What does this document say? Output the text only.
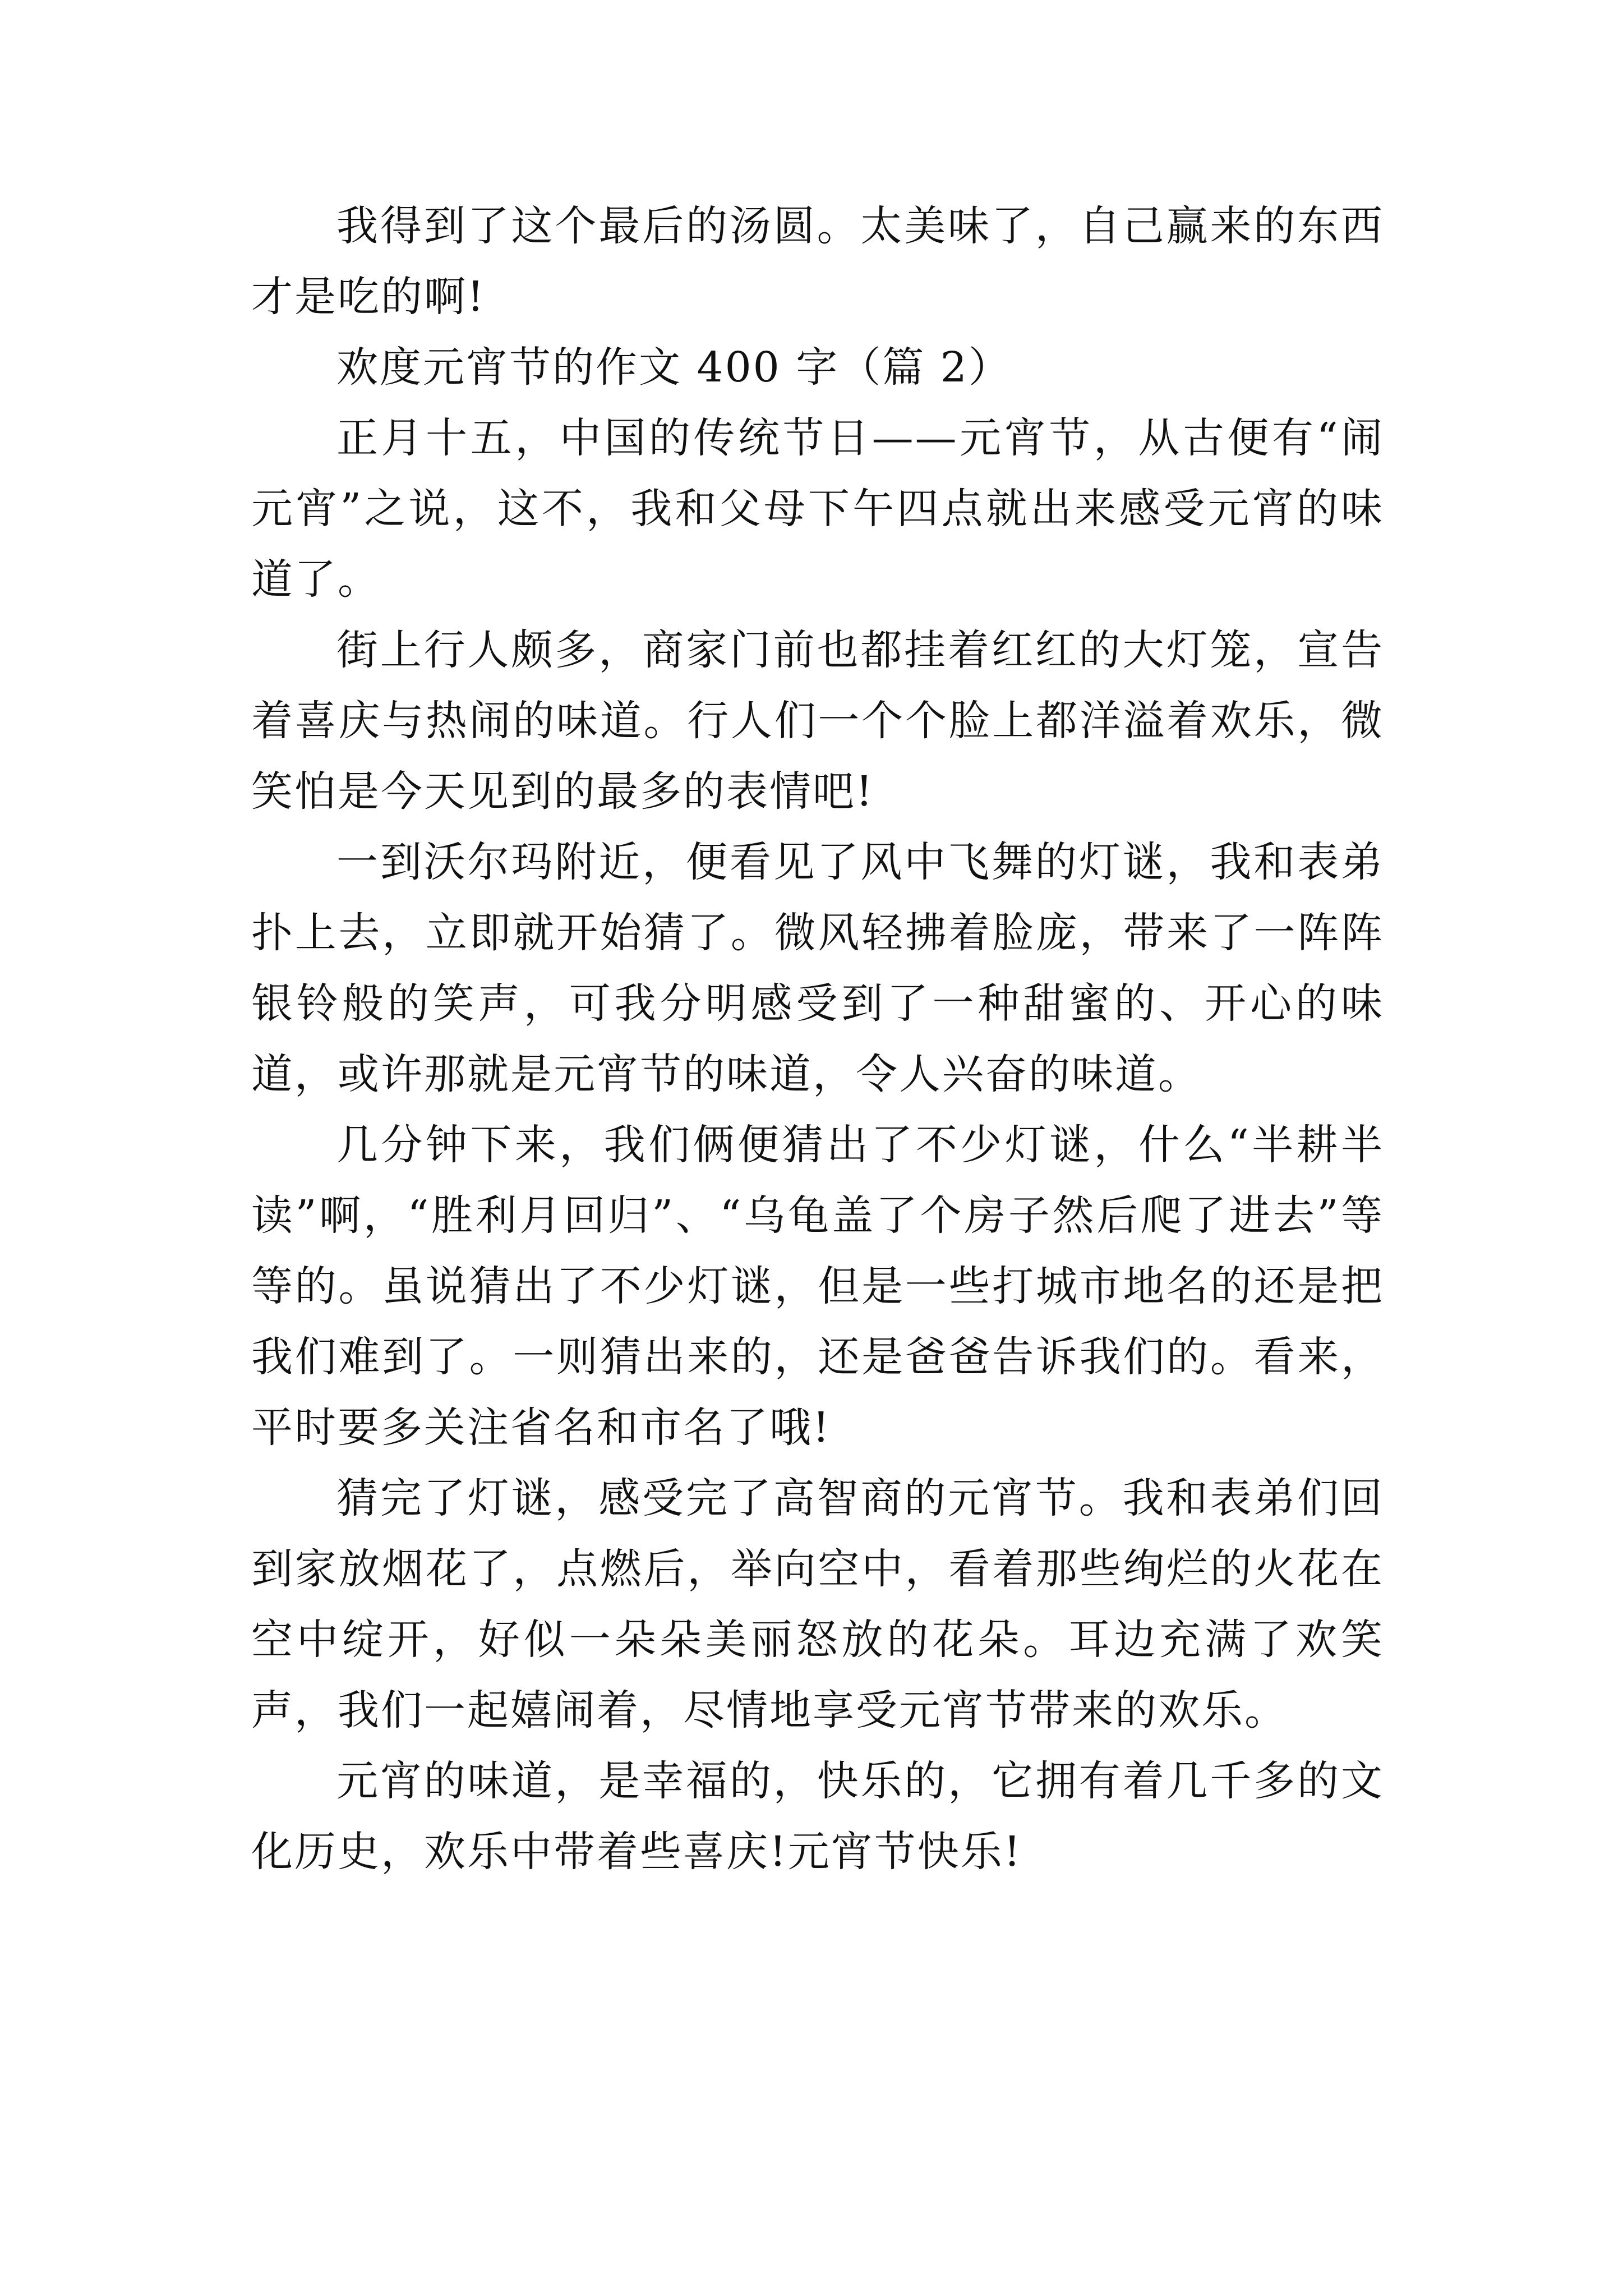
我得到了这个最后的汤圆。太美味了，自己赢来的东西才是吃的啊!

欢度元宵节的作文 400 字（篇 2）

正月十五，中国的传统节日——元宵节，从古便有“闹元宵”之说，这不，我和父母下午四点就出来感受元宵的味道了。

街上行人颇多，商家门前也都挂着红红的大灯笼，宣告着喜庆与热闹的味道。行人们一个个脸上都洋溢着欢乐，微笑怕是今天见到的最多的表情吧!

一到沃尔玛附近，便看见了风中飞舞的灯谜，我和表弟扑上去，立即就开始猜了。微风轻拂着脸庞，带来了一阵阵银铃般的笑声，可我分明感受到了一种甜蜜的、开心的味道，或许那就是元宵节的味道，令人兴奋的味道。

几分钟下来，我们俩便猜出了不少灯谜，什么“半耕半读”啊，“胜利月回归”、“乌龟盖了个房子然后爬了进去”等等的。虽说猜出了不少灯谜，但是一些打城市地名的还是把我们难到了。一则猜出来的，还是爸爸告诉我们的。看来，平时要多关注省名和市名了哦!

猜完了灯谜，感受完了高智商的元宵节。我和表弟们回到家放烟花了，点燃后，举向空中，看着那些绚烂的火花在空中绽开，好似一朵朵美丽怒放的花朵。耳边充满了欢笑声，我们一起嬉闹着，尽情地享受元宵节带来的欢乐。

元宵的味道，是幸福的，快乐的，它拥有着几千多的文化历史，欢乐中带着些喜庆!元宵节快乐!
